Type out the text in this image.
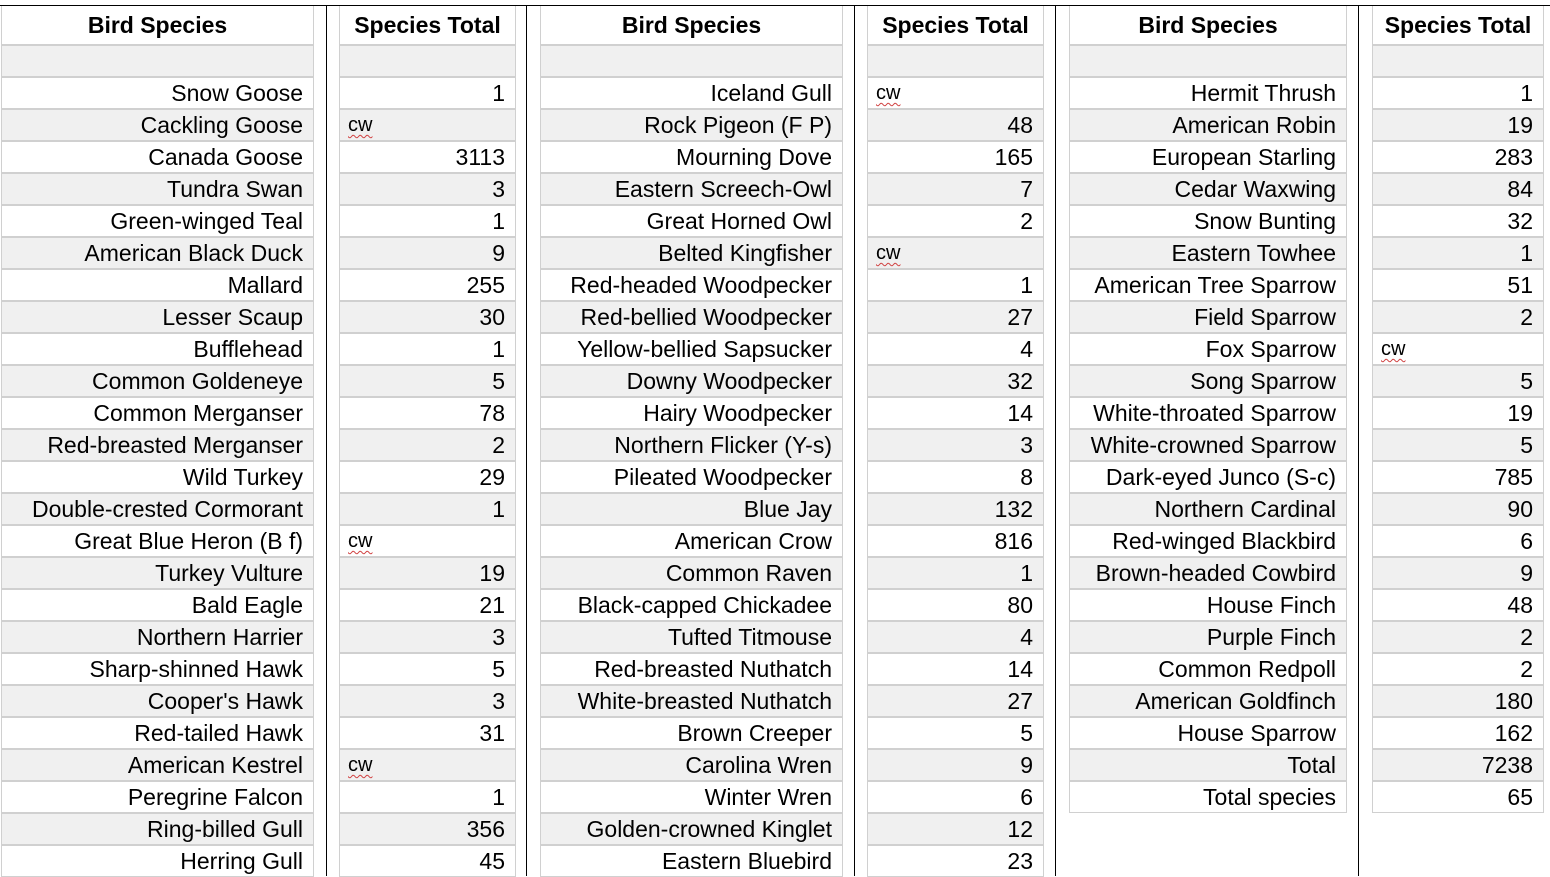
Bird Species
Snow Goose
Cackling Goose
Canada Goose
Tundra Swan
Green-winged Teal
American Black Duck
Mallard
Lesser Scaup
Bufflehead
Common Goldeneye
Common Merganser
Red-breasted Merganser
Wild Turkey
Double-crested Cormorant
Great Blue Heron (B f)
Turkey Vulture
Bald Eagle
Northern Harrier
Sharp-shinned Hawk
Cooper's Hawk
Red-tailed Hawk
American Kestrel
Peregrine Falcon
Ring-billed Gull
Herring Gull
Species Total
1
cw
3113
3
1
9
255
30
1
5
78
2
29
1
cw
19
21
3
5
3
31
cw
1
356
45
Bird Species
Iceland Gull
Rock Pigeon (F P)
Mourning Dove
Eastern Screech-Owl
Great Horned Owl
Belted Kingfisher
Red-headed Woodpecker
Red-bellied Woodpecker
Yellow-bellied Sapsucker
Downy Woodpecker
Hairy Woodpecker
Northern Flicker (Y-s)
Pileated Woodpecker
Blue Jay
American Crow
Common Raven
Black-capped Chickadee
Tufted Titmouse
Red-breasted Nuthatch
White-breasted Nuthatch
Brown Creeper
Carolina Wren
Winter Wren
Golden-crowned Kinglet
Eastern Bluebird
Species Total
cw
48
165
7
2
cw
1
27
4
32
14
3
8
132
816
1
80
4
14
27
5
9
6
12
23
Bird Species
Hermit Thrush
American Robin
European Starling
Cedar Waxwing
Snow Bunting
Eastern Towhee
American Tree Sparrow
Field Sparrow
Fox Sparrow
Song Sparrow
White-throated Sparrow
White-crowned Sparrow
Dark-eyed Junco (S-c)
Northern Cardinal
Red-winged Blackbird
Brown-headed Cowbird
House Finch
Purple Finch
Common Redpoll
American Goldfinch
House Sparrow
Total
Total species
Species Total
1
19
283
84
32
1
51
2
cw
5
19
5
785
90
6
9
48
2
2
180
162
7238
65
